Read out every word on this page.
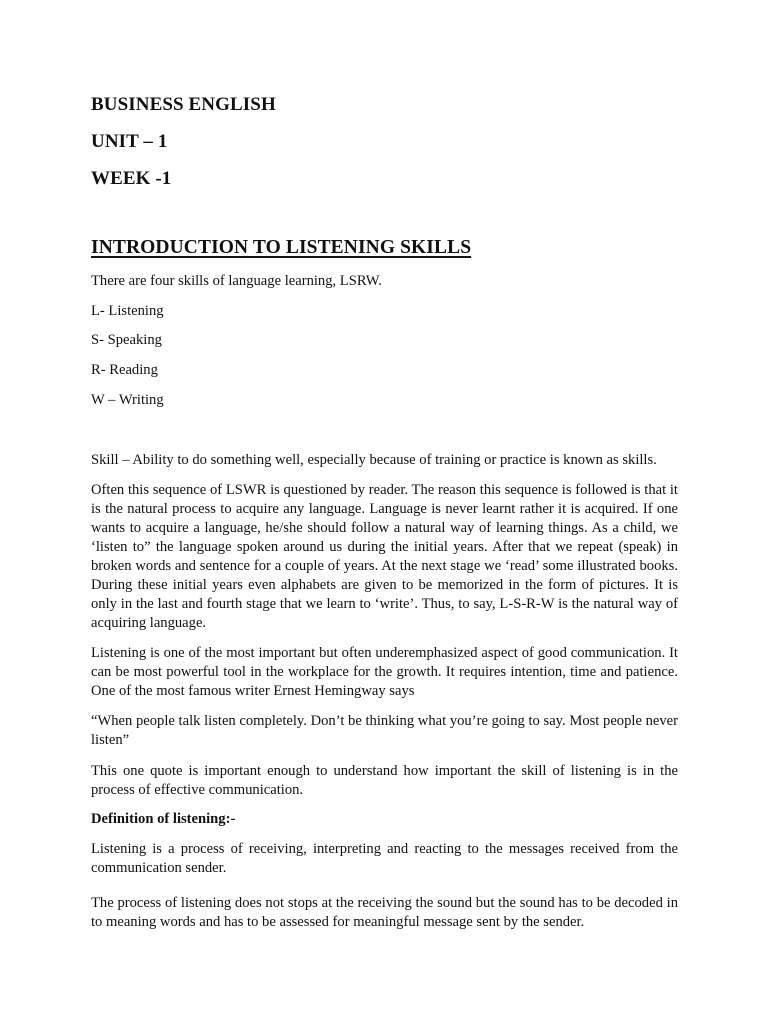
BUSINESS ENGLISH
UNIT – 1
WEEK -1
INTRODUCTION TO LISTENING SKILLS

There are four skills of language learning, LSRW.

L- Listening

S- Speaking

R- Reading

W – Writing

Skill – Ability to do something well, especially because of training or practice is known as skills.

Often this sequence of LSWR is questioned by reader. The reason this sequence is followed is that it is the natural process to acquire any language. Language is never learnt rather it is acquired. If one wants to acquire a language, he/she should follow a natural way of learning things. As a child, we ‘listen to” the language spoken around us during the initial years. After that we repeat (speak) in broken words and sentence for a couple of years. At the next stage we ‘read’ some illustrated books. During these initial years even alphabets are given to be memorized in the form of pictures. It is only in the last and fourth stage that we learn to ‘write’. Thus, to say, L-S-R-W is the natural way of acquiring language.

Listening is one of the most important but often underemphasized aspect of good communication. It can be most powerful tool in the workplace for the growth. It requires intention, time and patience. One of the most famous writer Ernest Hemingway says

“When people talk listen completely. Don’t be thinking what you’re going to say. Most people never listen”

This one quote is important enough to understand how important the skill of listening is in the process of effective communication.

Definition of listening:-

Listening is a process of receiving, interpreting and reacting to the messages received from the communication sender.

The process of listening does not stops at the receiving the sound but the sound has to be decoded in to meaning words and has to be assessed for meaningful message sent by the sender.
